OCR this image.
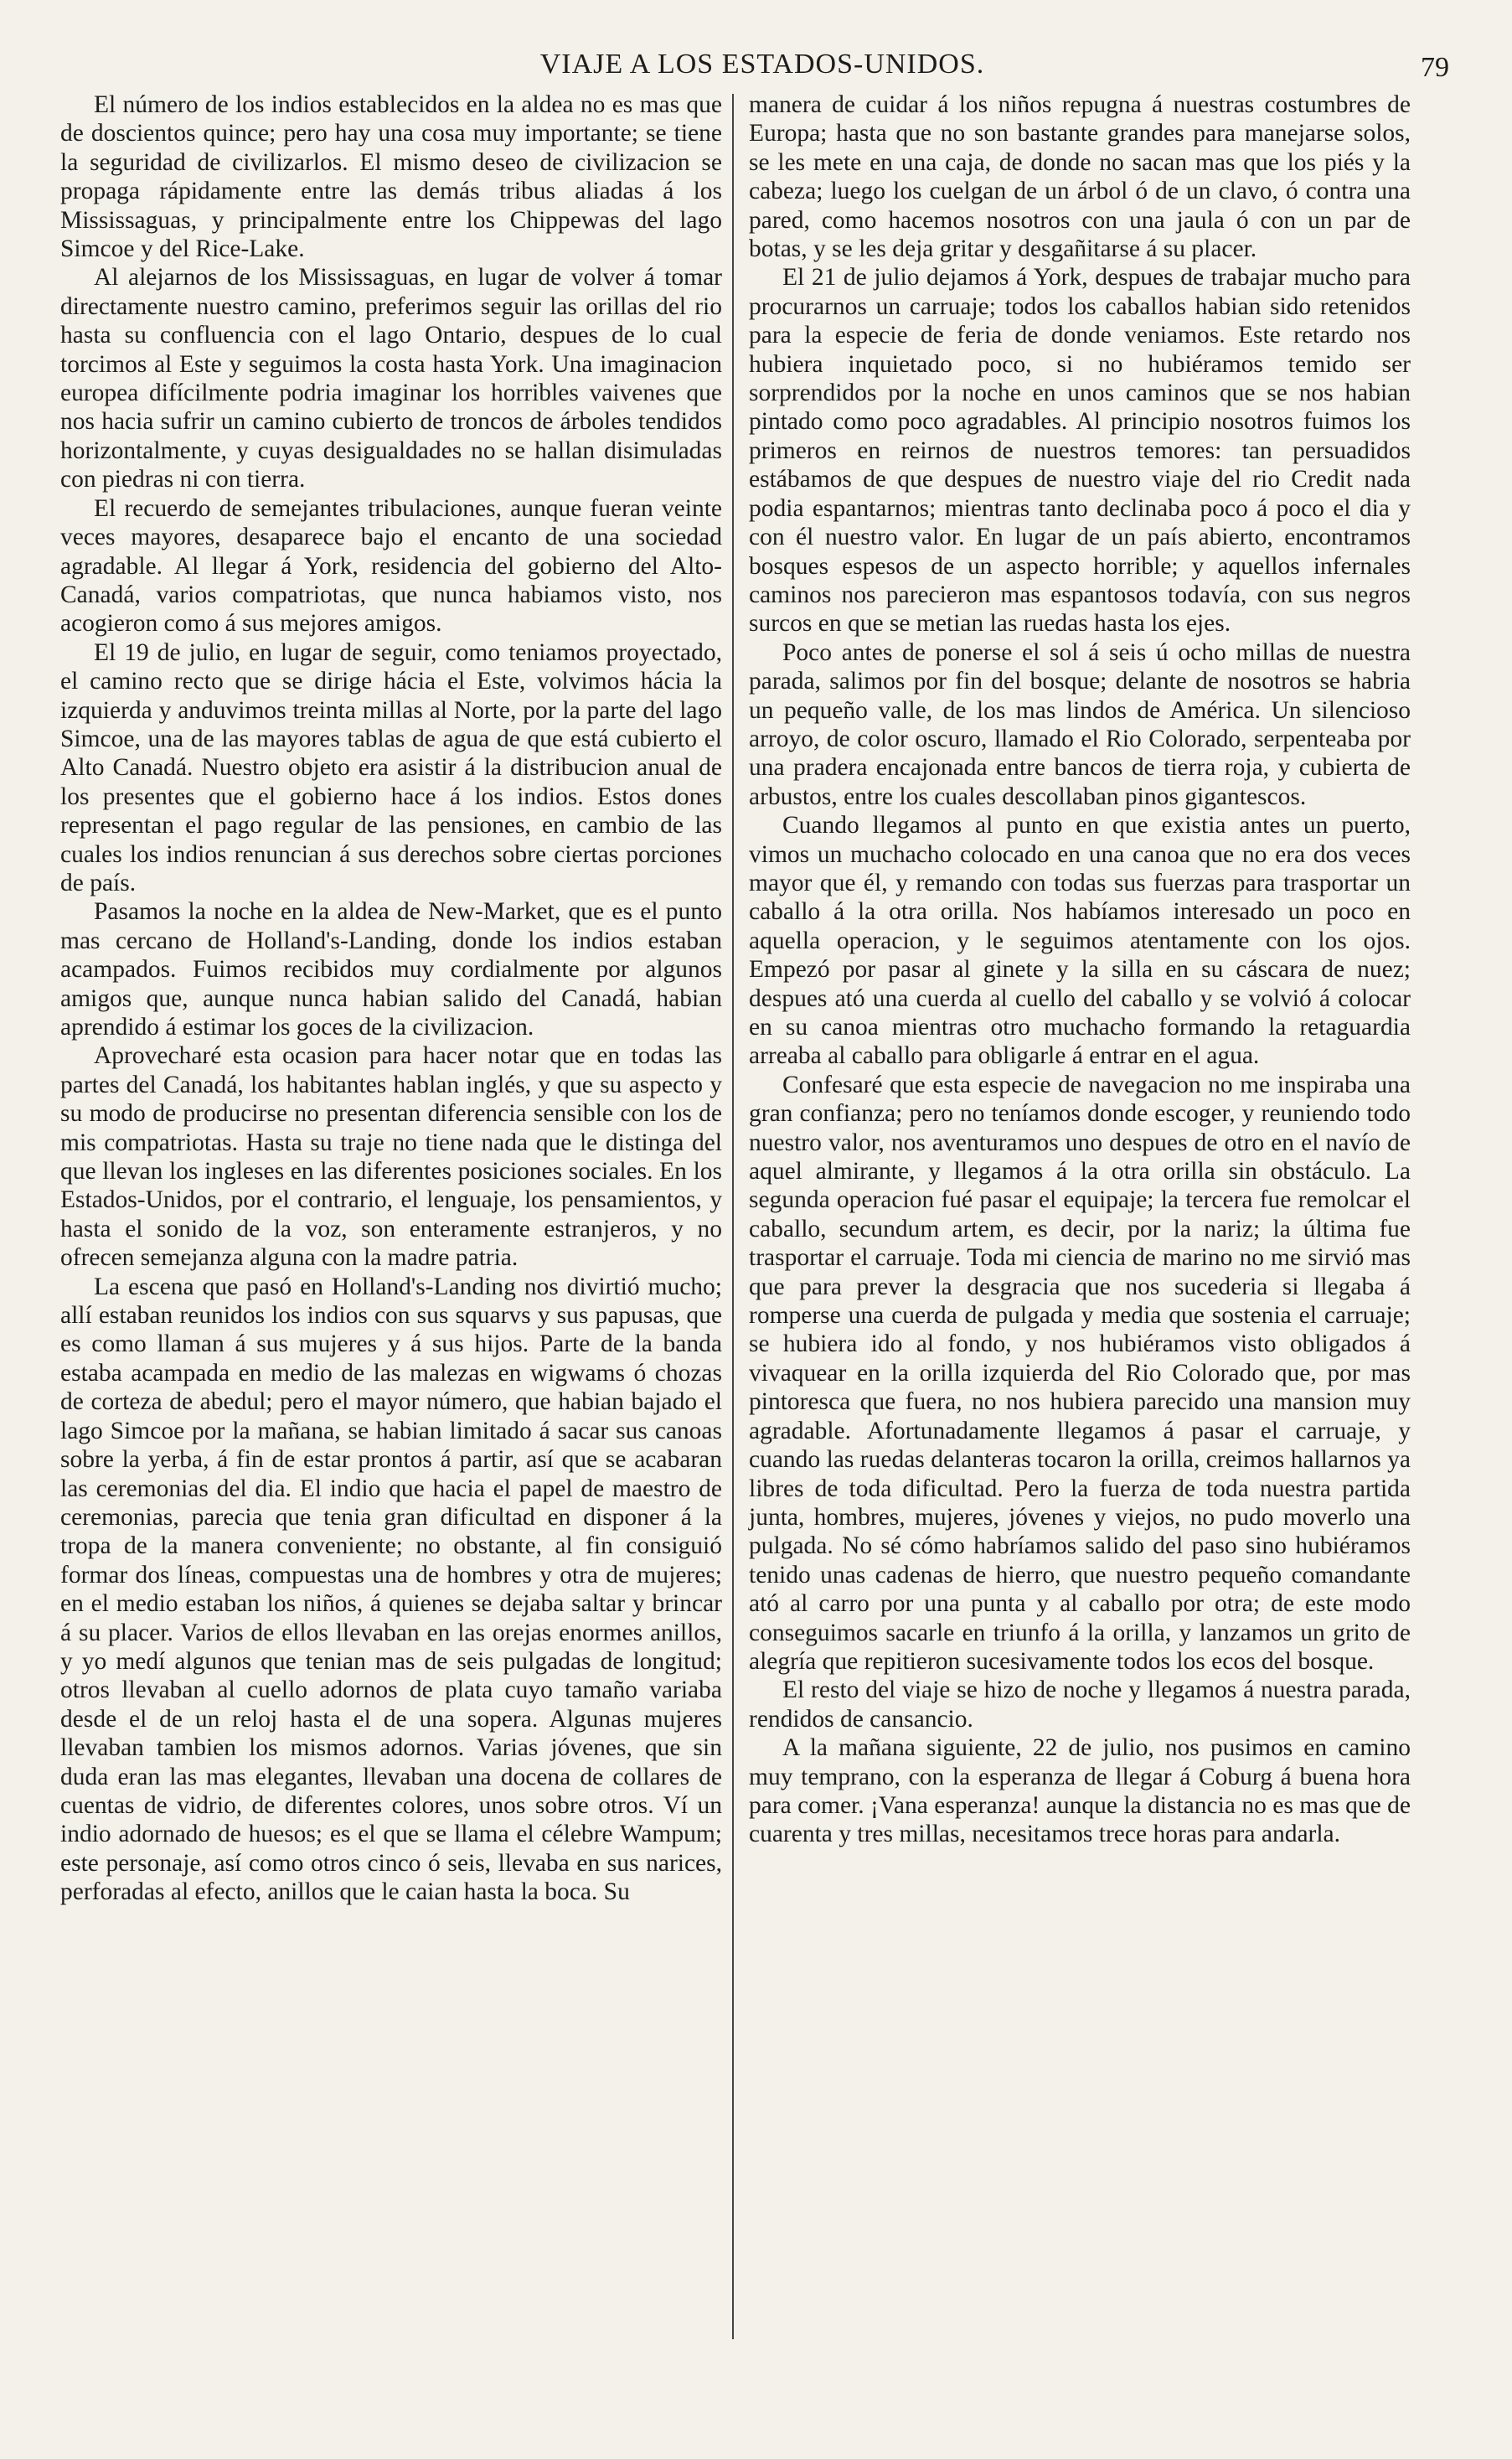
VIAJE A LOS ESTADOS-UNIDOS.	79

El número de los indios establecidos en la aldea no es mas que de doscientos quince; pero hay una cosa muy importante; se tiene la seguridad de civilizarlos. El mismo deseo de civilizacion se propaga rápidamente entre las demás tribus aliadas á los Mississaguas, y principalmente entre los Chippewas del lago Simcoe y del Rice-Lake.

Al alejarnos de los Mississaguas, en lugar de volver á tomar directamente nuestro camino, preferimos seguir las orillas del rio hasta su confluencia con el lago Ontario, despues de lo cual torcimos al Este y seguimos la costa hasta York. Una imaginacion europea difícilmente podria imaginar los horribles vaivenes que nos hacia sufrir un camino cubierto de troncos de árboles tendidos horizontalmente, y cuyas desigualdades no se hallan disimuladas con piedras ni con tierra.

El recuerdo de semejantes tribulaciones, aunque fueran veinte veces mayores, desaparece bajo el encanto de una sociedad agradable. Al llegar á York, residencia del gobierno del Alto-Canadá, varios compatriotas, que nunca habiamos visto, nos acogieron como á sus mejores amigos.

El 19 de julio, en lugar de seguir, como teniamos proyectado, el camino recto que se dirige hácia el Este, volvimos hácia la izquierda y anduvimos treinta millas al Norte, por la parte del lago Simcoe, una de las mayores tablas de agua de que está cubierto el Alto Canadá. Nuestro objeto era asistir á la distribucion anual de los presentes que el gobierno hace á los indios. Estos dones representan el pago regular de las pensiones, en cambio de las cuales los indios renuncian á sus derechos sobre ciertas porciones de país.

Pasamos la noche en la aldea de New-Market, que es el punto mas cercano de Holland's-Landing, donde los indios estaban acampados. Fuimos recibidos muy cordialmente por algunos amigos que, aunque nunca habian salido del Canadá, habian aprendido á estimar los goces de la civilizacion.

Aprovecharé esta ocasion para hacer notar que en todas las partes del Canadá, los habitantes hablan inglés, y que su aspecto y su modo de producirse no presentan diferencia sensible con los de mis compatriotas. Hasta su traje no tiene nada que le distinga del que llevan los ingleses en las diferentes posiciones sociales. En los Estados-Unidos, por el contrario, el lenguaje, los pensamientos, y hasta el sonido de la voz, son enteramente estranjeros, y no ofrecen semejanza alguna con la madre patria.

La escena que pasó en Holland's-Landing nos divirtió mucho; allí estaban reunidos los indios con sus squarvs y sus papusas, que es como llaman á sus mujeres y á sus hijos. Parte de la banda estaba acampada en medio de las malezas en wigwams ó chozas de corteza de abedul; pero el mayor número, que habian bajado el lago Simcoe por la mañana, se habian limitado á sacar sus canoas sobre la yerba, á fin de estar prontos á partir, así que se acabaran las ceremonias del dia. El indio que hacia el papel de maestro de ceremonias, parecia que tenia gran dificultad en disponer á la tropa de la manera conveniente; no obstante, al fin consiguió formar dos líneas, compuestas una de hombres y otra de mujeres; en el medio estaban los niños, á quienes se dejaba saltar y brincar á su placer. Varios de ellos llevaban en las orejas enormes anillos, y yo medí algunos que tenian mas de seis pulgadas de longitud; otros llevaban al cuello adornos de plata cuyo tamaño variaba desde el de un reloj hasta el de una sopera. Algunas mujeres llevaban tambien los mismos adornos. Varias jóvenes, que sin duda eran las mas elegantes, llevaban una docena de collares de cuentas de vidrio, de diferentes colores, unos sobre otros. Ví un indio adornado de huesos; es el que se llama el célebre Wampum; este personaje, así como otros cinco ó seis, llevaba en sus narices, perforadas al efecto, anillos que le caian hasta la boca. Su

manera de cuidar á los niños repugna á nuestras costumbres de Europa; hasta que no son bastante grandes para manejarse solos, se les mete en una caja, de donde no sacan mas que los piés y la cabeza; luego los cuelgan de un árbol ó de un clavo, ó contra una pared, como hacemos nosotros con una jaula ó con un par de botas, y se les deja gritar y desgañitarse á su placer.

El 21 de julio dejamos á York, despues de trabajar mucho para procurarnos un carruaje; todos los caballos habian sido retenidos para la especie de feria de donde veniamos. Este retardo nos hubiera inquietado poco, si no hubiéramos temido ser sorprendidos por la noche en unos caminos que se nos habian pintado como poco agradables. Al principio nosotros fuimos los primeros en reirnos de nuestros temores: tan persuadidos estábamos de que despues de nuestro viaje del rio Credit nada podia espantarnos; mientras tanto declinaba poco á poco el dia y con él nuestro valor. En lugar de un país abierto, encontramos bosques espesos de un aspecto horrible; y aquellos infernales caminos nos parecieron mas espantosos todavía, con sus negros surcos en que se metian las ruedas hasta los ejes.

Poco antes de ponerse el sol á seis ú ocho millas de nuestra parada, salimos por fin del bosque; delante de nosotros se habria un pequeño valle, de los mas lindos de América. Un silencioso arroyo, de color oscuro, llamado el Rio Colorado, serpenteaba por una pradera encajonada entre bancos de tierra roja, y cubierta de arbustos, entre los cuales descollaban pinos gigantescos.

Cuando llegamos al punto en que existia antes un puerto, vimos un muchacho colocado en una canoa que no era dos veces mayor que él, y remando con todas sus fuerzas para trasportar un caballo á la otra orilla. Nos habíamos interesado un poco en aquella operacion, y le seguimos atentamente con los ojos. Empezó por pasar al ginete y la silla en su cáscara de nuez; despues ató una cuerda al cuello del caballo y se volvió á colocar en su canoa mientras otro muchacho formando la retaguardia arreaba al caballo para obligarle á entrar en el agua.

Confesaré que esta especie de navegacion no me inspiraba una gran confianza; pero no teníamos donde escoger, y reuniendo todo nuestro valor, nos aventuramos uno despues de otro en el navío de aquel almirante, y llegamos á la otra orilla sin obstáculo. La segunda operacion fué pasar el equipaje; la tercera fue remolcar el caballo, secundum artem, es decir, por la nariz; la última fue trasportar el carruaje. Toda mi ciencia de marino no me sirvió mas que para prever la desgracia que nos sucederia si llegaba á romperse una cuerda de pulgada y media que sostenia el carruaje; se hubiera ido al fondo, y nos hubiéramos visto obligados á vivaquear en la orilla izquierda del Rio Colorado que, por mas pintoresca que fuera, no nos hubiera parecido una mansion muy agradable. Afortunadamente llegamos á pasar el carruaje, y cuando las ruedas delanteras tocaron la orilla, creimos hallarnos ya libres de toda dificultad. Pero la fuerza de toda nuestra partida junta, hombres, mujeres, jóvenes y viejos, no pudo moverlo una pulgada. No sé cómo habríamos salido del paso sino hubiéramos tenido unas cadenas de hierro, que nuestro pequeño comandante ató al carro por una punta y al caballo por otra; de este modo conseguimos sacarle en triunfo á la orilla, y lanzamos un grito de alegría que repitieron sucesivamente todos los ecos del bosque.

El resto del viaje se hizo de noche y llegamos á nuestra parada, rendidos de cansancio.

A la mañana siguiente, 22 de julio, nos pusimos en camino muy temprano, con la esperanza de llegar á Coburg á buena hora para comer. ¡Vana esperanza! aunque la distancia no es mas que de cuarenta y tres millas, necesitamos trece horas para andarla.
